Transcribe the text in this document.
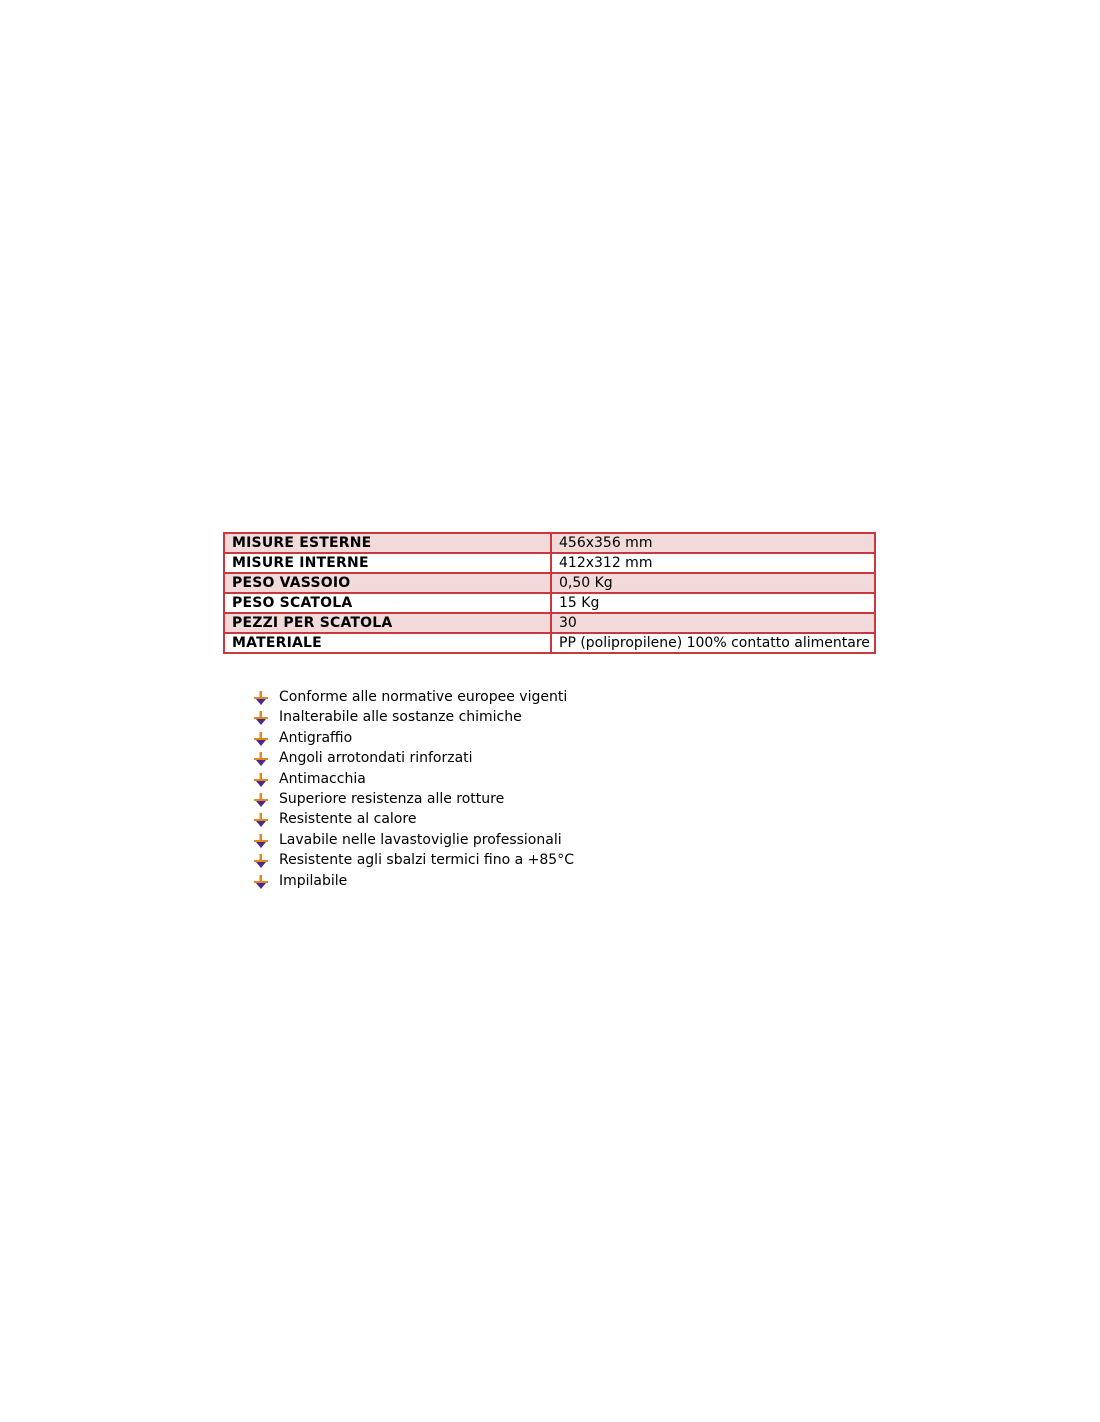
MISURE ESTERNE	456x356 mm
MISURE INTERNE	412x312 mm
PESO VASSOIO	0,50 Kg
PESO SCATOLA	15 Kg
PEZZI PER SCATOLA	30
MATERIALE	PP (polipropilene) 100% contatto alimentare
Conforme alle normative europee vigenti
Inalterabile alle sostanze chimiche
Antigraffio
Angoli arrotondati rinforzati
Antimacchia
Superiore resistenza alle rotture
Resistente al calore
Lavabile nelle lavastoviglie professionali
Resistente agli sbalzi termici fino a +85°C
Impilabile
